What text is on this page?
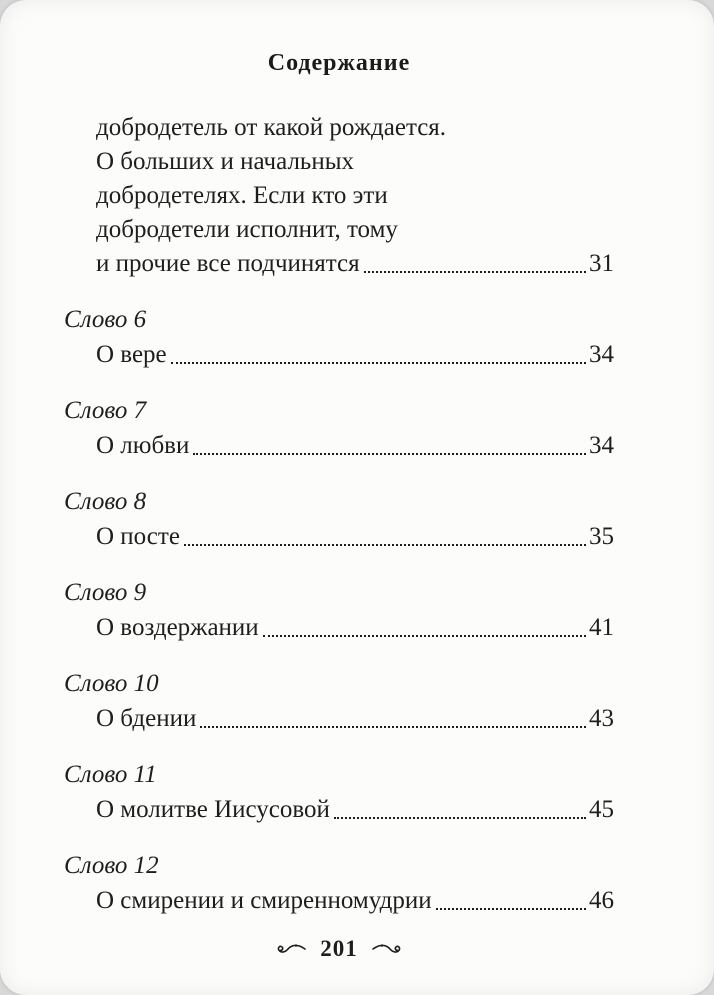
Содержание
добродетель от какой рождается.
О больших и начальных
добродетелях. Если кто эти
добродетели исполнит, тому
и прочие все подчинятся	31
Слово 6
О вере	34
Слово 7
О любви	34
Слово 8
О посте	35
Слово 9
О воздержании	41
Слово 10
О бдении	43
Слово 11
О молитве Иисусовой	45
Слово 12
О смирении и смиренномудрии	46
201
